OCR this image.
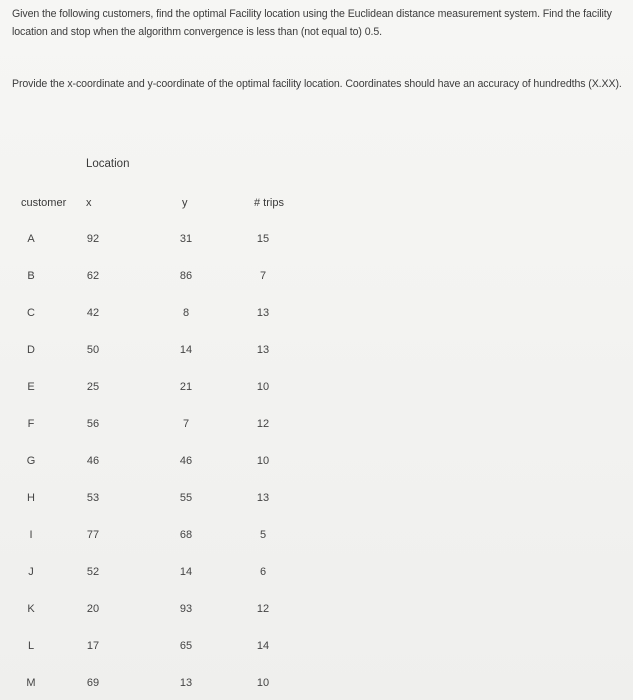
Given the following customers, find the optimal Facility location using the Euclidean distance measurement system. Find the facility location and stop when the algorithm convergence is less than (not equal to) 0.5.
Provide the x-coordinate and y-coordinate of the optimal facility location. Coordinates should have an accuracy of hundredths (X.XX).
Location
customer x	y	# trips
A	92	31	15
B	62	86	7
C	42	8	13
D	50	14	13
E	25	21	10
F	56	7	12
G	46	46	10
H	53	55	13
I	77	68	5
J	52	14	6
K	20	93	12
L	17	65	14
M	69	13	10
